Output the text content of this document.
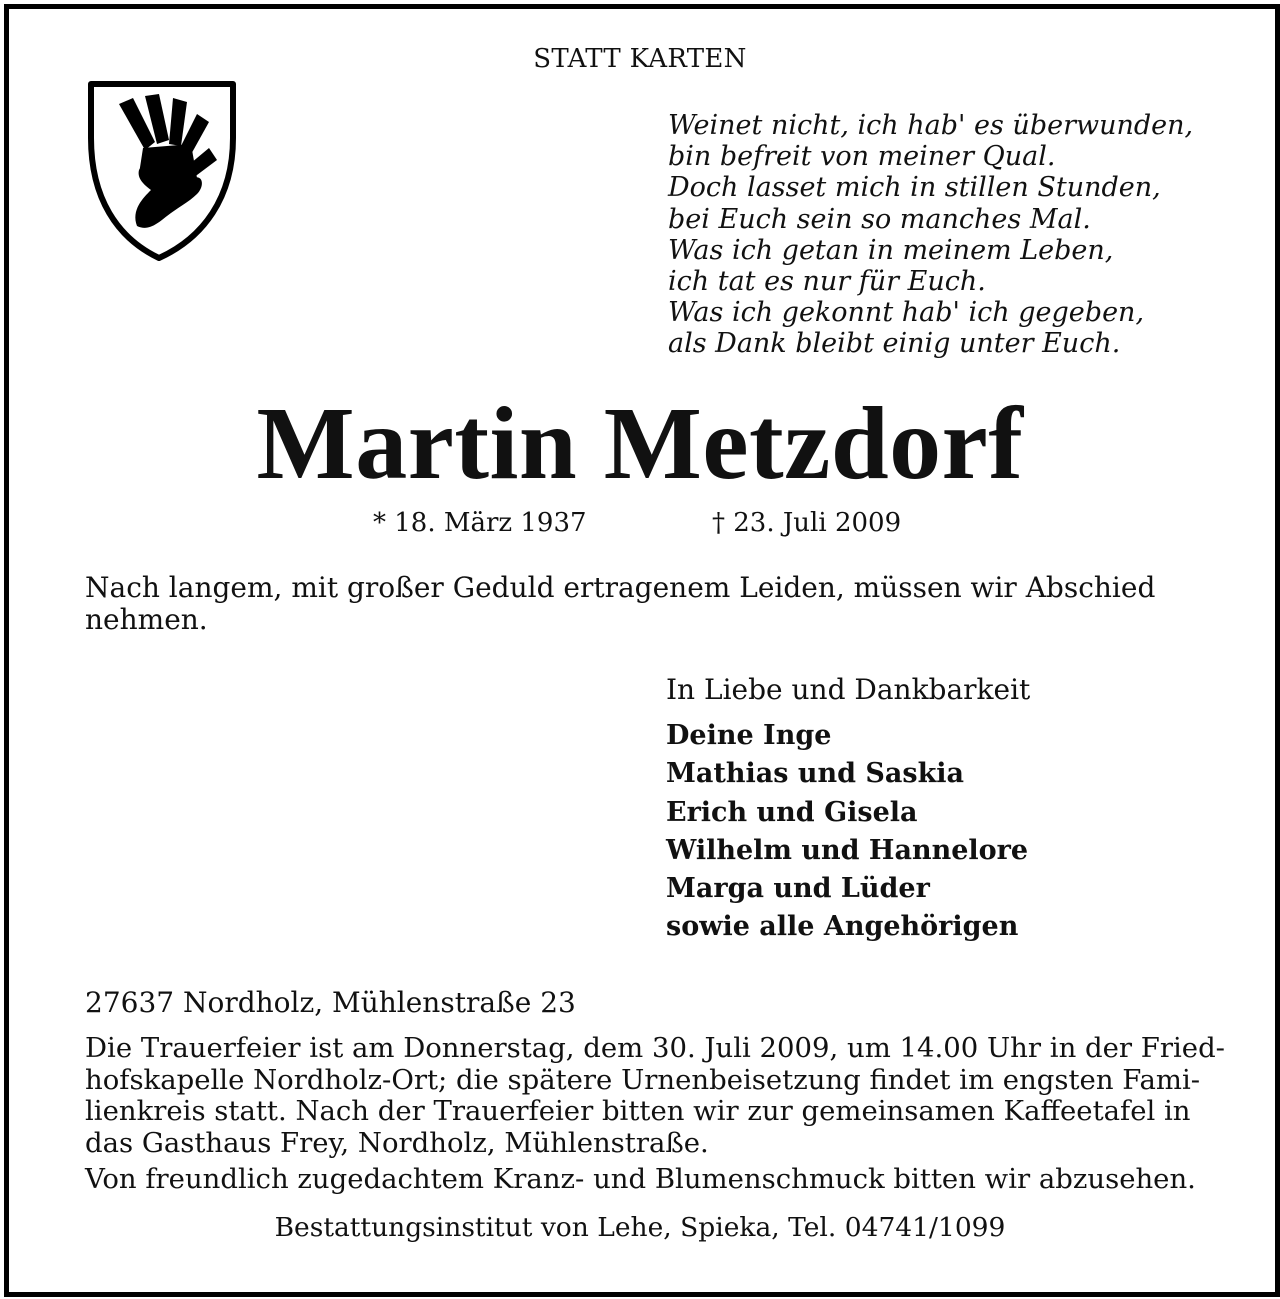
STATT KARTEN
Weinet nicht, ich hab' es überwunden,
bin befreit von meiner Qual.
Doch lasset mich in stillen Stunden,
bei Euch sein so manches Mal.
Was ich getan in meinem Leben,
ich tat es nur für Euch.
Was ich gekonnt hab' ich gegeben,
als Dank bleibt einig unter Euch.
Martin Metzdorf
* 18. März 1937	† 23. Juli 2009
Nach langem, mit großer Geduld ertragenem Leiden, müssen wir Abschied nehmen.
In Liebe und Dankbarkeit
Deine Inge
Mathias und Saskia
Erich und Gisela
Wilhelm und Hannelore
Marga und Lüder
sowie alle Angehörigen
27637 Nordholz, Mühlenstraße 23
Die Trauerfeier ist am Donnerstag, dem 30. Juli 2009, um 14.00 Uhr in der Fried-
hofskapelle Nordholz-Ort; die spätere Urnenbeisetzung findet im engsten Fami-
lienkreis statt. Nach der Trauerfeier bitten wir zur gemeinsamen Kaffeetafel in
das Gasthaus Frey, Nordholz, Mühlenstraße.
Von freundlich zugedachtem Kranz- und Blumenschmuck bitten wir abzusehen.
Bestattungsinstitut von Lehe, Spieka, Tel. 04741/1099
